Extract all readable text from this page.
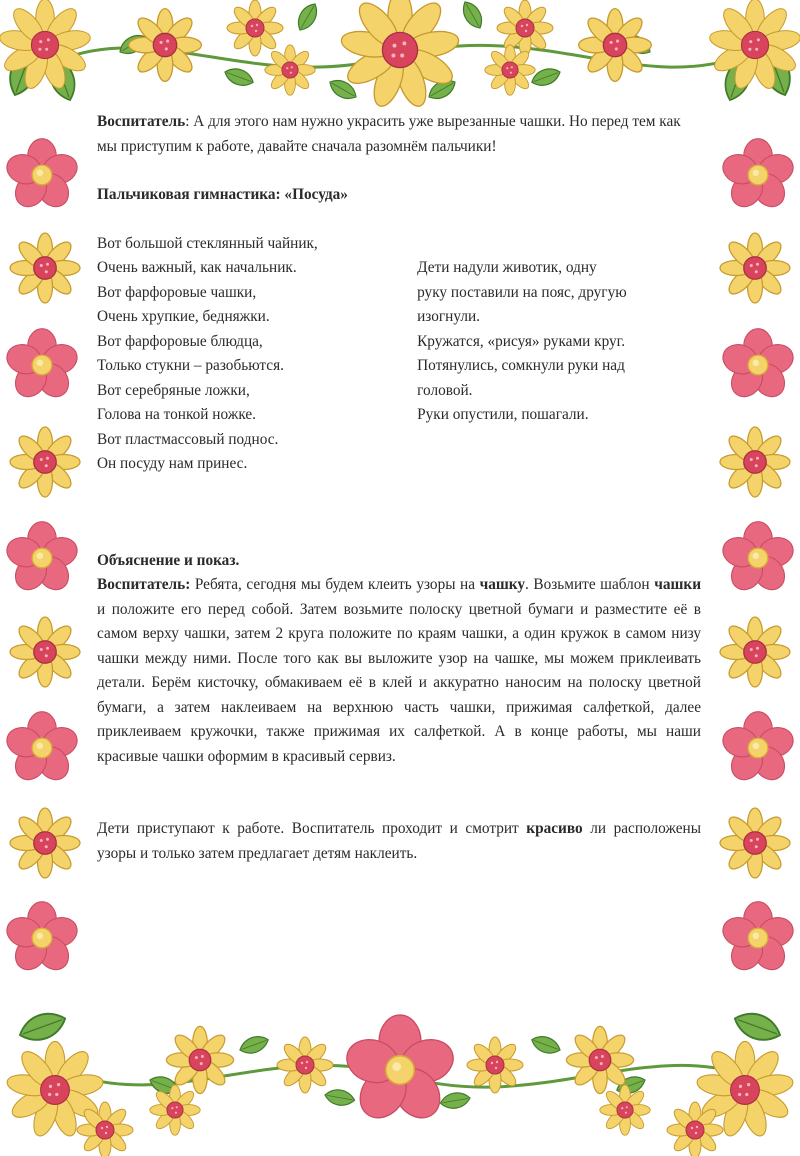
Воспитатель: А для этого нам нужно украсить уже вырезанные чашки. Но перед тем как мы приступим к работе, давайте сначала разомнём пальчики!

Пальчиковая гимнастика: «Посуда»

Вот большой стеклянный чайник,
Очень важный, как начальник.
Вот фарфоровые чашки,
Очень хрупкие, бедняжки.
Вот фарфоровые блюдца,
Только стукни – разобьются.
Вот серебряные ложки,
Голова на тонкой ножке.
Вот пластмассовый поднос.
Он посуду нам принес.
Дети надули животик, одну
руку поставили на пояс, другую
изогнули.
Кружатся, «рисуя» руками круг.
Потянулись, сомкнули руки над
головой.
Руки опустили, пошагали.

Объяснение и показ.

Воспитатель: Ребята, сегодня мы будем клеить узоры на чашку. Возьмите шаблон чашки и положите его перед собой. Затем возьмите полоску цветной бумаги и разместите её в самом верху чашки, затем 2 круга положите по краям чашки, а один кружок в самом низу чашки между ними. После того как вы выложите узор на чашке, мы можем приклеивать детали. Берём кисточку, обмакиваем её в клей и аккуратно наносим на полоску цветной бумаги, а затем наклеиваем на верхнюю часть чашки, прижимая салфеткой, далее приклеиваем кружочки, также прижимая их салфеткой. А в конце работы, мы наши красивые чашки оформим в красивый сервиз.

Дети приступают к работе. Воспитатель проходит и смотрит красиво ли расположены узоры и только затем предлагает детям наклеить.
